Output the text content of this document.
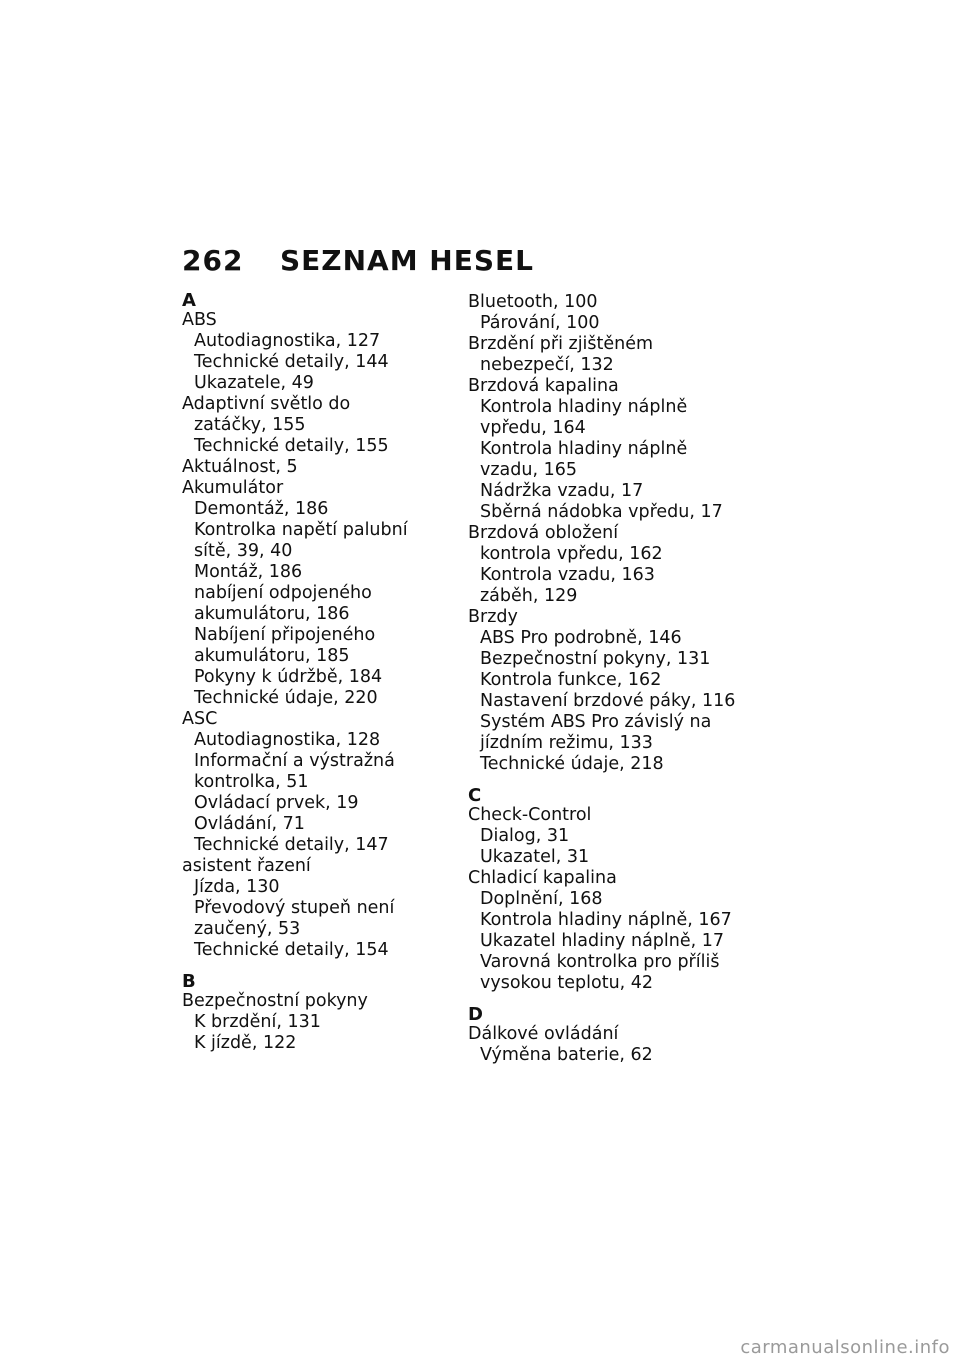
262	SEZNAM HESEL
A
ABS
Autodiagnostika, 127
Technické detaily, 144
Ukazatele, 49
Adaptivní světlo do
zatáčky, 155
Technické detaily, 155
Aktuálnost, 5
Akumulátor
Demontáž, 186
Kontrolka napětí palubní
sítě, 39, 40
Montáž, 186
nabíjení odpojeného
akumulátoru, 186
Nabíjení připojeného
akumulátoru, 185
Pokyny k údržbě, 184
Technické údaje, 220
ASC
Autodiagnostika, 128
Informační a výstražná
kontrolka, 51
Ovládací prvek, 19
Ovládání, 71
Technické detaily, 147
asistent řazení
Jízda, 130
Převodový stupeň není
zaučený, 53
Technické detaily, 154
B
Bezpečnostní pokyny
K brzdění, 131
K jízdě, 122
Bluetooth, 100
Párování, 100
Brzdění při zjištěném
nebezpečí, 132
Brzdová kapalina
Kontrola hladiny náplně
vpředu, 164
Kontrola hladiny náplně
vzadu, 165
Nádržka vzadu, 17
Sběrná nádobka vpředu, 17
Brzdová obložení
kontrola vpředu, 162
Kontrola vzadu, 163
záběh, 129
Brzdy
ABS Pro podrobně, 146
Bezpečnostní pokyny, 131
Kontrola funkce, 162
Nastavení brzdové páky, 116
Systém ABS Pro závislý na
jízdním režimu, 133
Technické údaje, 218
C
Check-Control
Dialog, 31
Ukazatel, 31
Chladicí kapalina
Doplnění, 168
Kontrola hladiny náplně, 167
Ukazatel hladiny náplně, 17
Varovná kontrolka pro příliš
vysokou teplotu, 42
D
Dálkové ovládání
Výměna baterie, 62
carmanualsonline.info
